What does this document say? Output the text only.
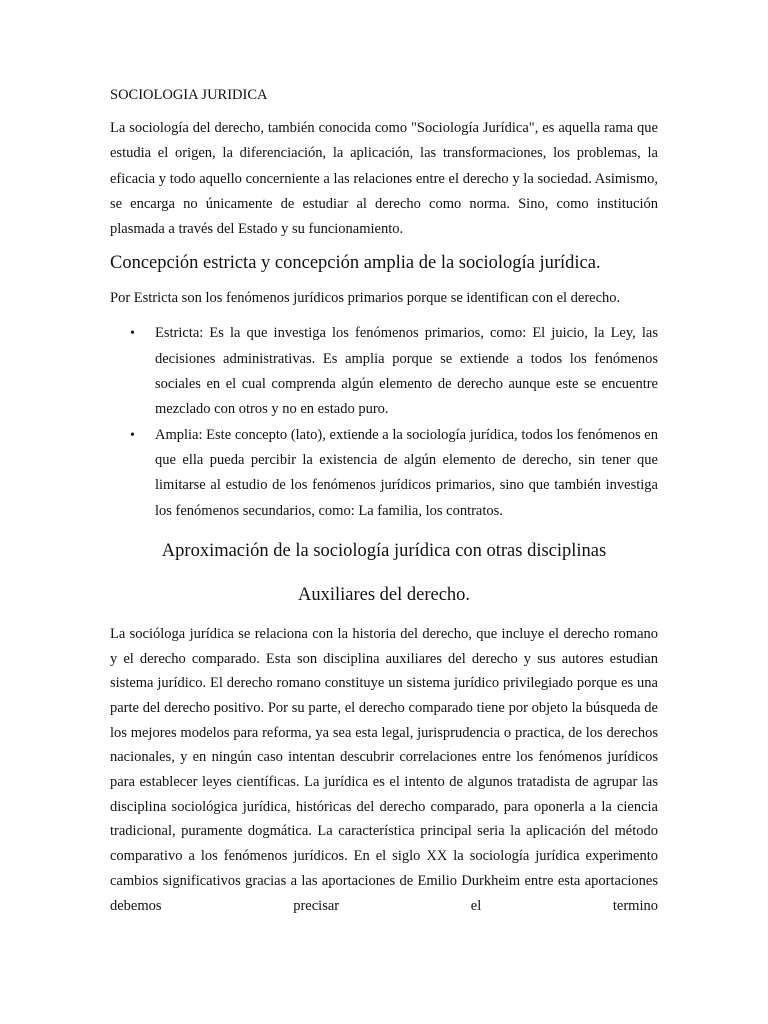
SOCIOLOGIA JURIDICA

La sociología del derecho, también conocida como "Sociología Jurídica", es aquella rama que estudia el origen, la diferenciación, la aplicación, las transformaciones, los problemas, la eficacia y todo aquello concerniente a las relaciones entre el derecho y la sociedad. Asimismo, se encarga no únicamente de estudiar al derecho como norma. Sino, como institución plasmada a través del Estado y su funcionamiento.

Concepción estricta y concepción amplia de la sociología jurídica.

Por Estricta son los fenómenos jurídicos primarios porque se identifican con el derecho.

• Estricta: Es la que investiga los fenómenos primarios, como: El juicio, la Ley, las decisiones administrativas. Es amplia porque se extiende a todos los fenómenos sociales en el cual comprenda algún elemento de derecho aunque este se encuentre mezclado con otros y no en estado puro.
• Amplia: Este concepto (lato), extiende a la sociología jurídica, todos los fenómenos en que ella pueda percibir la existencia de algún elemento de derecho, sin tener que limitarse al estudio de los fenómenos jurídicos primarios, sino que también investiga los fenómenos secundarios, como: La familia, los contratos.

Aproximación de la sociología jurídica con otras disciplinas

Auxiliares del derecho.

La socióloga jurídica se relaciona con la historia del derecho, que incluye el derecho romano y el derecho comparado. Esta son disciplina auxiliares del derecho y sus autores estudian sistema jurídico. El derecho romano constituye un sistema jurídico privilegiado porque es una parte del derecho positivo. Por su parte, el derecho comparado tiene por objeto la búsqueda de los mejores modelos para reforma, ya sea esta legal, jurisprudencia o practica, de los derechos nacionales, y en ningún caso intentan descubrir correlaciones entre los fenómenos jurídicos para establecer leyes científicas. La jurídica es el intento de algunos tratadista de agrupar las disciplina sociológica jurídica, históricas del derecho comparado, para oponerla a la ciencia tradicional, puramente dogmática. La característica principal seria la aplicación del método comparativo a los fenómenos jurídicos. En el siglo XX la sociología jurídica experimento cambios significativos gracias a las aportaciones de Emilio Durkheim entre esta aportaciones debemos precisar el termino
